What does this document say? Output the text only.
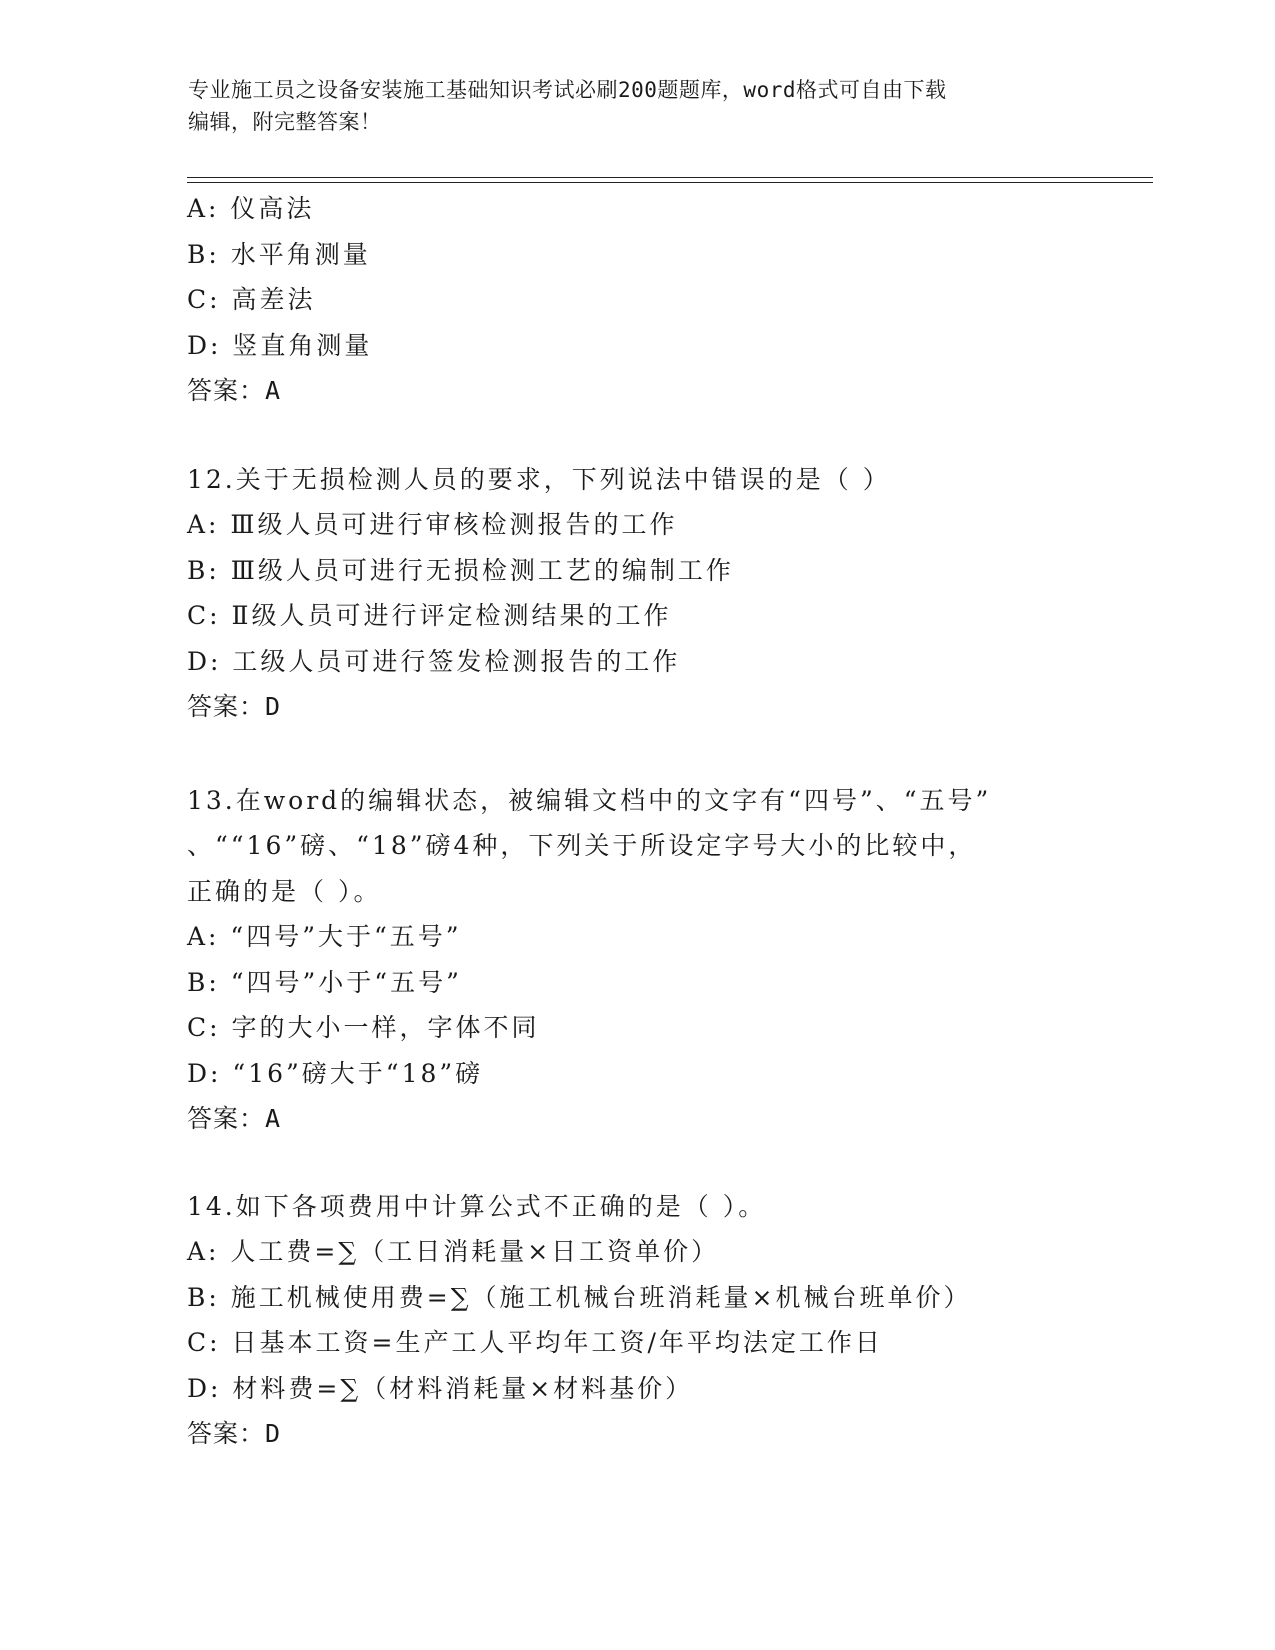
专业施工员之设备安装施工基础知识考试必刷200题题库，word格式可自由下载
编辑，附完整答案！
A: 仪高法
B: 水平角测量
C: 高差法
D: 竖直角测量
答案：A
12.关于无损检测人员的要求，下列说法中错误的是（ ）
A: Ⅲ级人员可进行审核检测报告的工作
B: Ⅲ级人员可进行无损检测工艺的编制工作
C: Ⅱ级人员可进行评定检测结果的工作
D: 工级人员可进行签发检测报告的工作
答案：D
13.在word的编辑状态，被编辑文档中的文字有“四号”、“五号”
、““16”磅、“18”磅4种，下列关于所设定字号大小的比较中，
正确的是（ ）。
A: “四号”大于“五号”
B: “四号”小于“五号”
C: 字的大小一样，字体不同
D: “16”磅大于“18”磅
答案：A
14.如下各项费用中计算公式不正确的是（ ）。
A: 人工费=∑（工日消耗量×日工资单价）
B: 施工机械使用费=∑（施工机械台班消耗量×机械台班单价）
C: 日基本工资=生产工人平均年工资/年平均法定工作日
D: 材料费=∑（材料消耗量×材料基价）
答案：D
